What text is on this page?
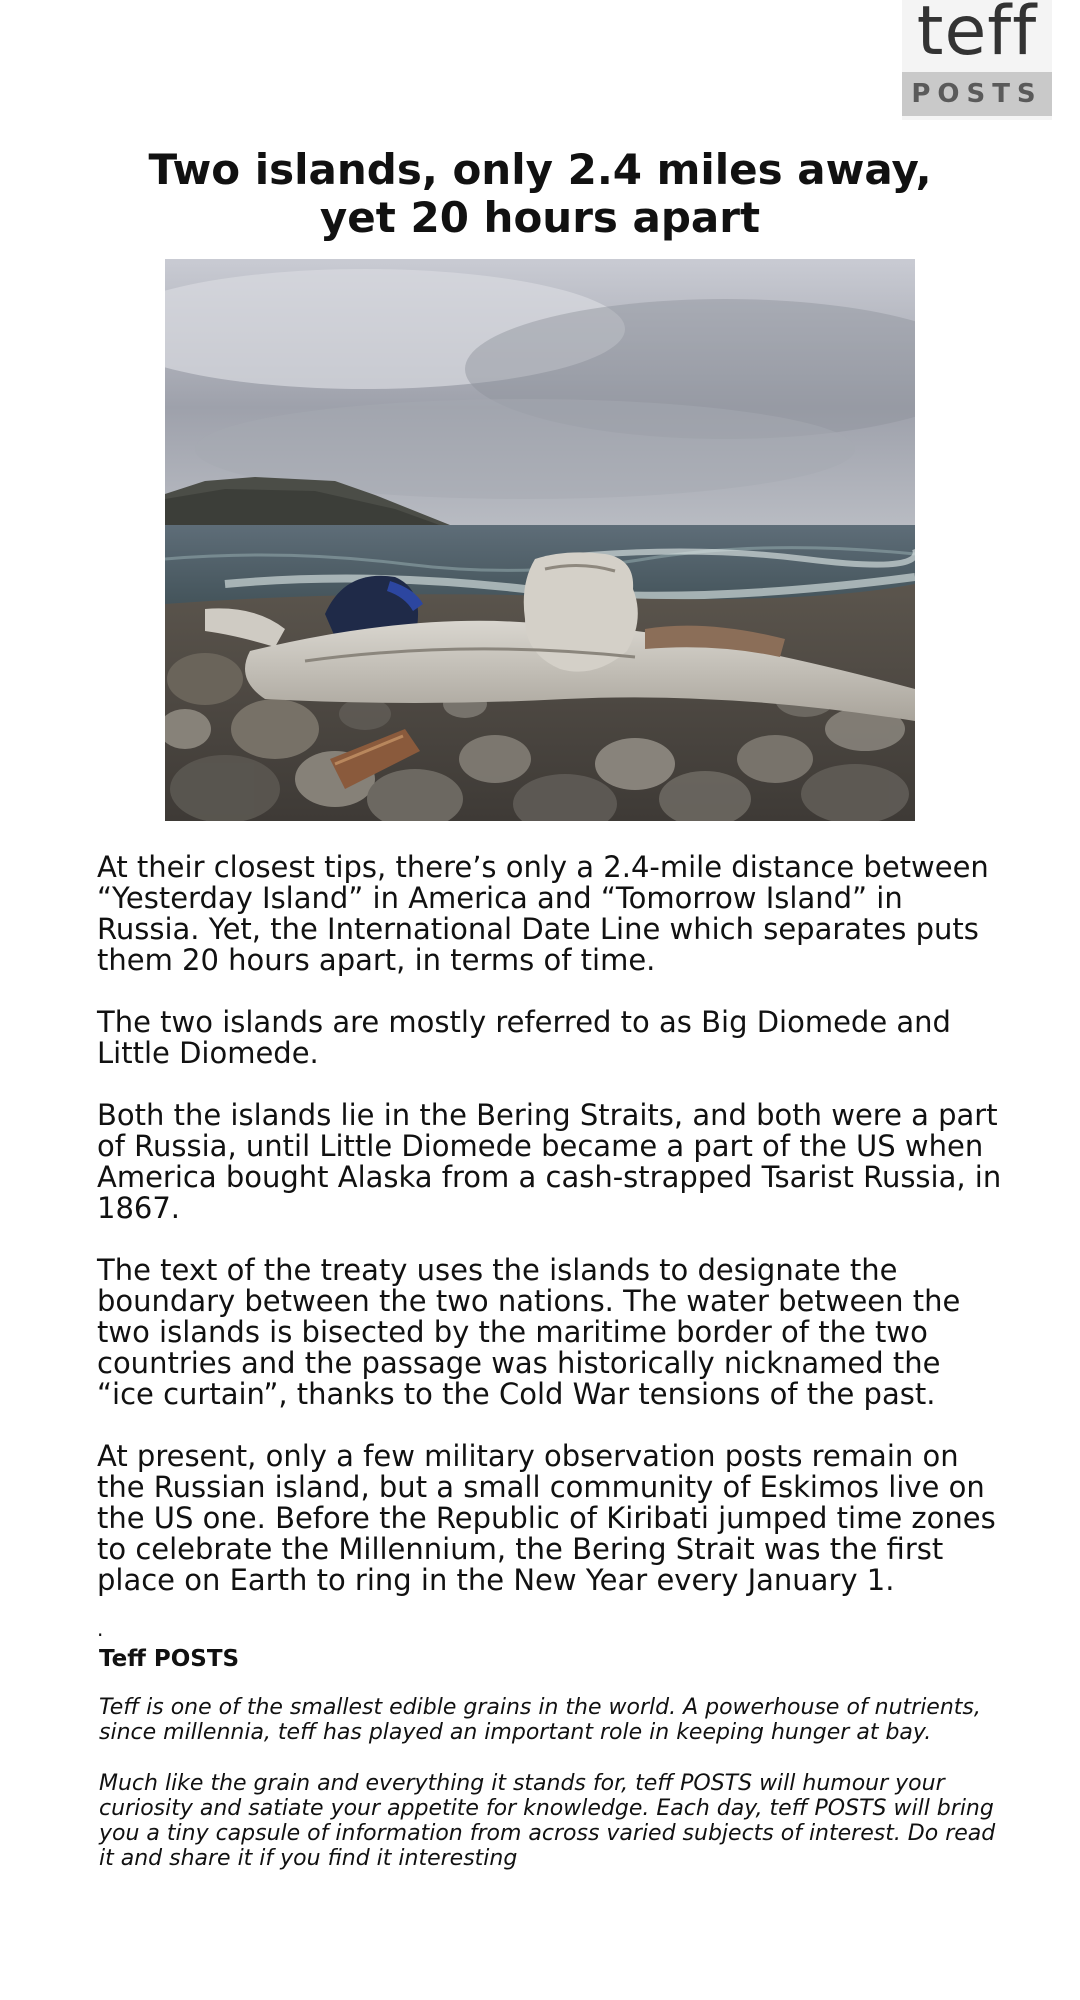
teff
POSTS
Two islands, only 2.4 miles away,
yet 20 hours apart

At their closest tips, there’s only a 2.4-mile distance between “Yesterday Island” in America and “Tomorrow Island” in Russia. Yet, the International Date Line which separates puts them 20 hours apart, in terms of time.

The two islands are mostly referred to as Big Diomede and Little Diomede.

Both the islands lie in the Bering Straits, and both were a part of Russia, until Little Diomede became a part of the US when America bought Alaska from a cash-strapped Tsarist Russia, in 1867.

The text of the treaty uses the islands to designate the boundary between the two nations. The water between the two islands is bisected by the maritime border of the two countries and the passage was historically nicknamed the “ice curtain”, thanks to the Cold War tensions of the past.

At present, only a few military observation posts remain on the Russian island, but a small community of Eskimos live on the US one. Before the Republic of Kiribati jumped time zones to celebrate the Millennium, the Bering Strait was the first place on Earth to ring in the New Year every January 1.

.

Teff POSTS

Teff is one of the smallest edible grains in the world. A powerhouse of nutrients, since millennia, teff has played an important role in keeping hunger at bay.

Much like the grain and everything it stands for, teff POSTS will humour your curiosity and satiate your appetite for knowledge. Each day, teff POSTS will bring you a tiny capsule of information from across varied subjects of interest. Do read it and share it if you find it interesting
